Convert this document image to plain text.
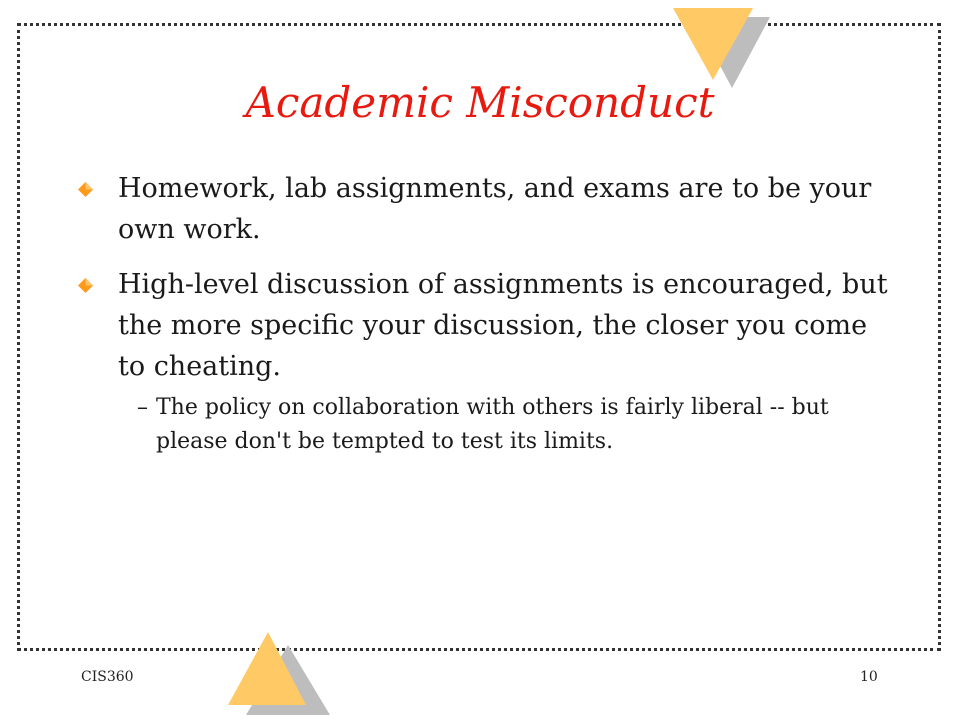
Academic Misconduct
Homework, lab assignments, and exams are to be your own work.
High-level discussion of assignments is encouraged, but the more specific your discussion, the closer you come to cheating.
– The policy on collaboration with others is fairly liberal -- but please don't be tempted to test its limits.
CIS360	10
